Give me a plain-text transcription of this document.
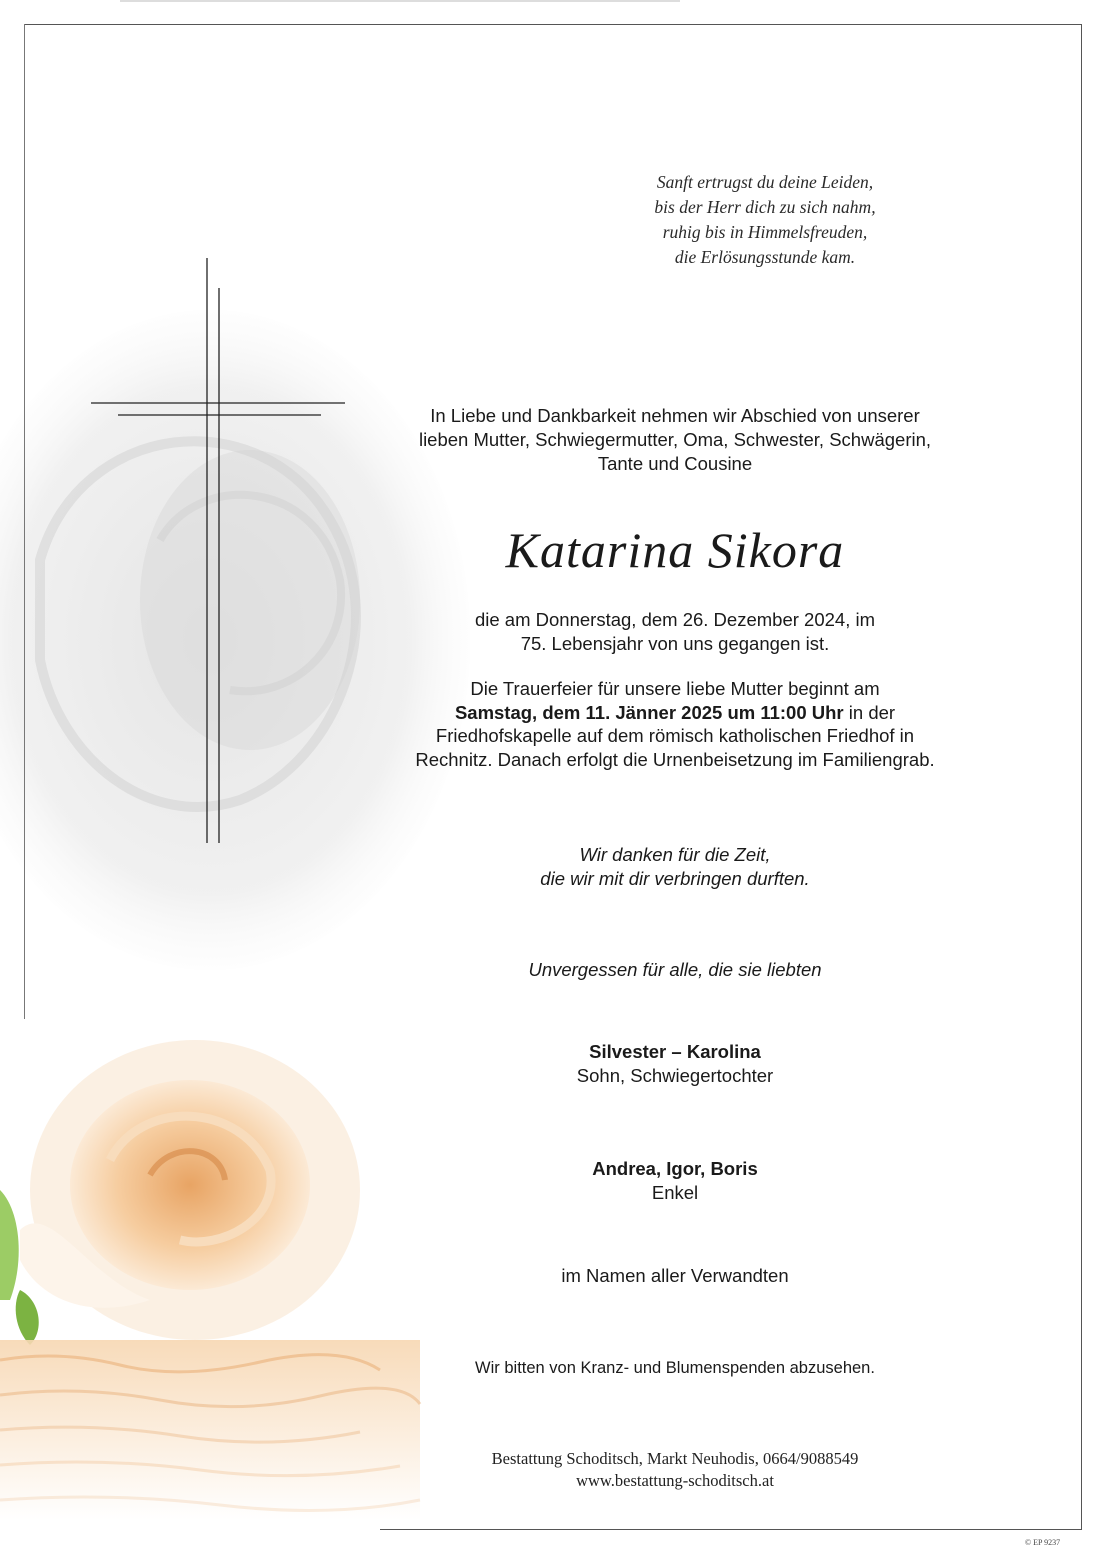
Sanft ertrugst du deine Leiden,
bis der Herr dich zu sich nahm,
ruhig bis in Himmelsfreuden,
die Erlösungsstunde kam.
In Liebe und Dankbarkeit nehmen wir Abschied von unserer
lieben Mutter, Schwiegermutter, Oma, Schwester, Schwägerin,
Tante und Cousine
Katarina Sikora
die am Donnerstag, dem 26. Dezember 2024, im
75. Lebensjahr von uns gegangen ist.
Die Trauerfeier für unsere liebe Mutter beginnt am
Samstag, dem 11. Jänner 2025 um 11:00 Uhr in der
Friedhofskapelle auf dem römisch katholischen Friedhof in
Rechnitz. Danach erfolgt die Urnenbeisetzung im Familiengrab.
Wir danken für die Zeit,
die wir mit dir verbringen durften.
Unvergessen für alle, die sie liebten
Silvester – Karolina
Sohn, Schwiegertochter
Andrea, Igor, Boris
Enkel
im Namen aller Verwandten
Wir bitten von Kranz- und Blumenspenden abzusehen.
Bestattung Schoditsch, Markt Neuhodis, 0664/9088549
www.bestattung-schoditsch.at
© EP 9237
